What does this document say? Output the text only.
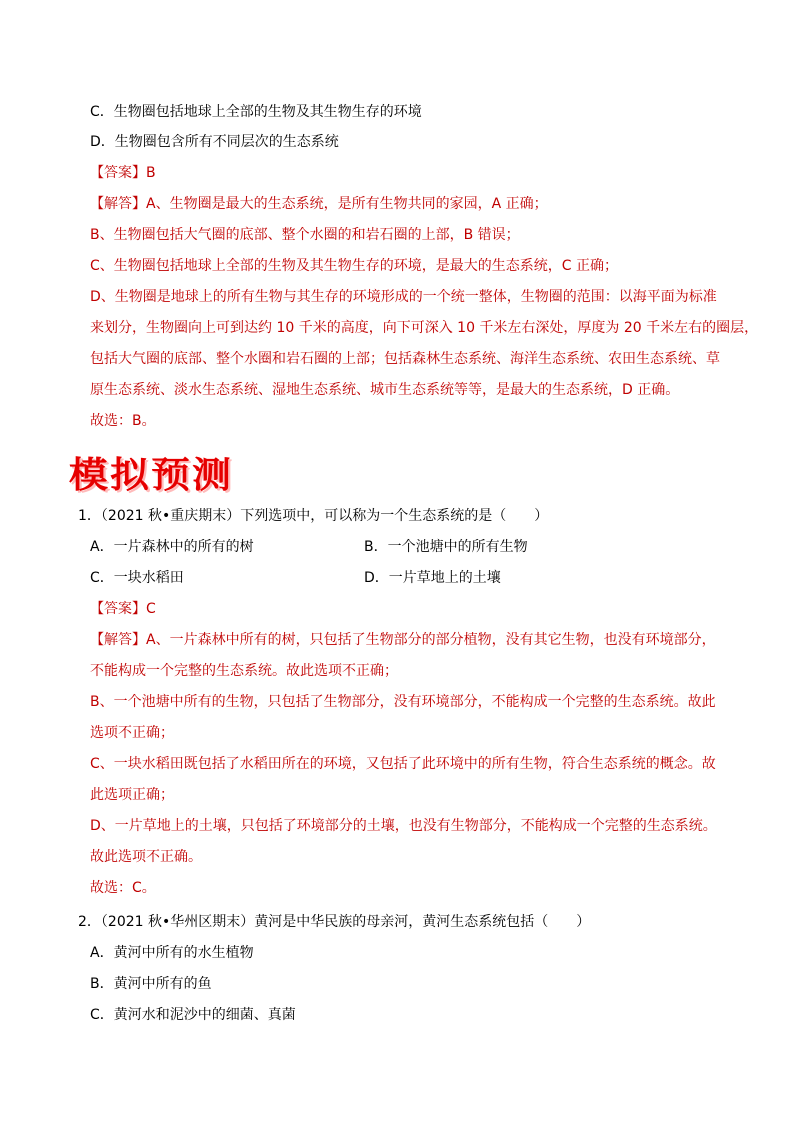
C．生物圈包括地球上全部的生物及其生物生存的环境
D．生物圈包含所有不同层次的生态系统
【答案】B
【解答】A、生物圈是最大的生态系统，是所有生物共同的家园，A 正确；
B、生物圈包括大气圈的底部、整个水圈的和岩石圈的上部，B 错误；
C、生物圈包括地球上全部的生物及其生物生存的环境，是最大的生态系统，C 正确；
D、生物圈是地球上的所有生物与其生存的环境形成的一个统一整体，生物圈的范围：以海平面为标准
来划分，生物圈向上可到达约 10 千米的高度，向下可深入 10 千米左右深处，厚度为 20 千米左右的圈层，
包括大气圈的底部、整个水圈和岩石圈的上部；包括森林生态系统、海洋生态系统、农田生态系统、草
原生态系统、淡水生态系统、湿地生态系统、城市生态系统等等，是最大的生态系统，D 正确。
故选：B。
模拟预测
1．（2021 秋•重庆期末）下列选项中，可以称为一个生态系统的是（　　）
A．一片森林中的所有的树	B．一个池塘中的所有生物
C．一块水稻田	D．一片草地上的土壤
【答案】C
【解答】A、一片森林中所有的树，只包括了生物部分的部分植物，没有其它生物，也没有环境部分，
不能构成一个完整的生态系统。故此选项不正确；
B、一个池塘中所有的生物，只包括了生物部分，没有环境部分，不能构成一个完整的生态系统。故此
选项不正确；
C、一块水稻田既包括了水稻田所在的环境，又包括了此环境中的所有生物，符合生态系统的概念。故
此选项正确；
D、一片草地上的土壤，只包括了环境部分的土壤，也没有生物部分，不能构成一个完整的生态系统。
故此选项不正确。
故选：C。
2．（2021 秋•华州区期末）黄河是中华民族的母亲河，黄河生态系统包括（　　）
A．黄河中所有的水生植物
B．黄河中所有的鱼
C．黄河水和泥沙中的细菌、真菌
